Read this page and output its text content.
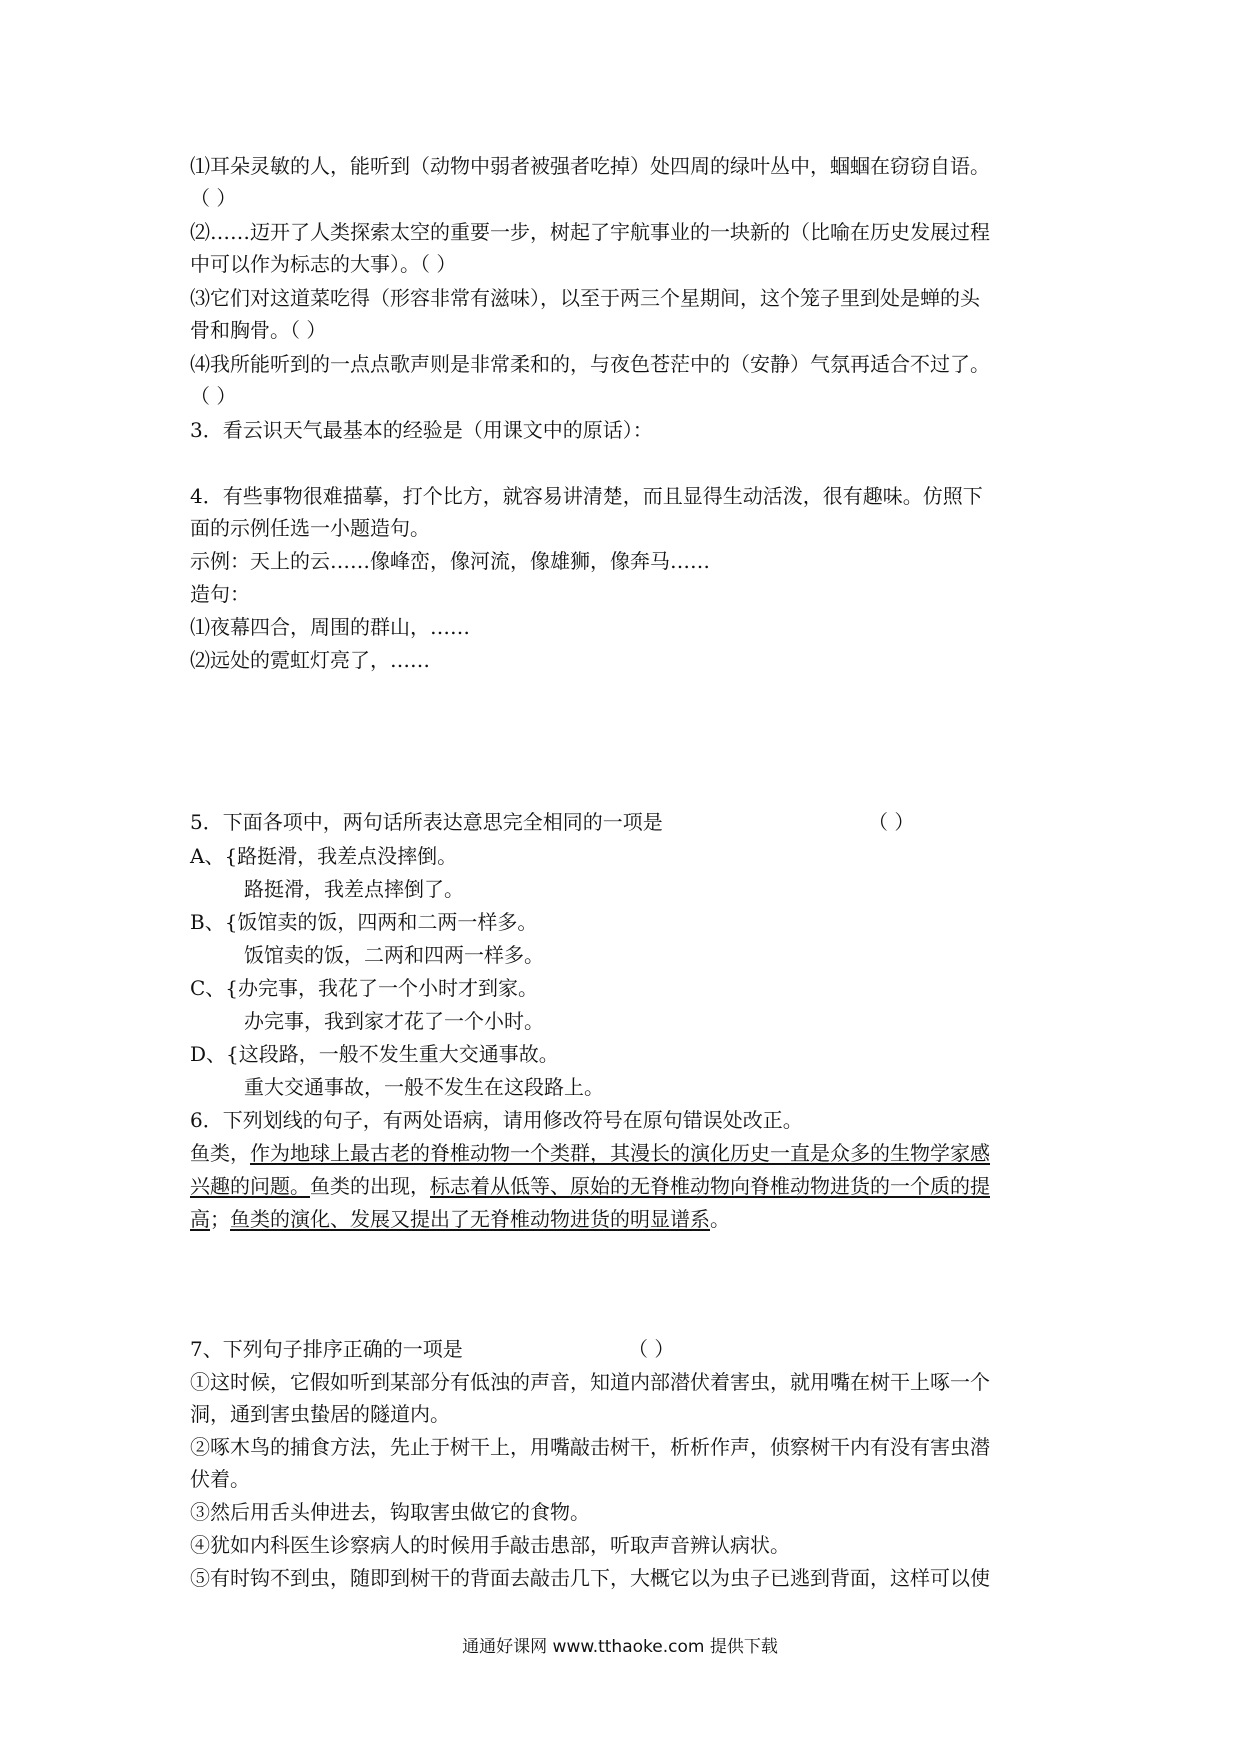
⑴耳朵灵敏的人，能听到（动物中弱者被强者吃掉）处四周的绿叶丛中，蝈蝈在窃窃自语。
（ ）
⑵……迈开了人类探索太空的重要一步，树起了宇航事业的一块新的（比喻在历史发展过程
中可以作为标志的大事）。（ ）
⑶它们对这道菜吃得（形容非常有滋味），以至于两三个星期间，这个笼子里到处是蝉的头
骨和胸骨。（ ）
⑷我所能听到的一点点歌声则是非常柔和的，与夜色苍茫中的（安静）气氛再适合不过了。
（ ）
3．看云识天气最基本的经验是（用课文中的原话）：
4．有些事物很难描摹，打个比方，就容易讲清楚，而且显得生动活泼，很有趣味。仿照下
面的示例任选一小题造句。
示例：天上的云……像峰峦，像河流，像雄狮，像奔马……
造句：
⑴夜幕四合，周围的群山，……
⑵远处的霓虹灯亮了，……
5．下面各项中，两句话所表达意思完全相同的一项是	（ ）
A、{路挺滑，我差点没摔倒。
路挺滑，我差点摔倒了。
B、{饭馆卖的饭，四两和二两一样多。
饭馆卖的饭，二两和四两一样多。
C、{办完事，我花了一个小时才到家。
办完事，我到家才花了一个小时。
D、{这段路，一般不发生重大交通事故。
重大交通事故，一般不发生在这段路上。
6．下列划线的句子，有两处语病，请用修改符号在原句错误处改正。
鱼类，作为地球上最古老的脊椎动物一个类群，其漫长的演化历史一直是众多的生物学家感
兴趣的问题。鱼类的出现，标志着从低等、原始的无脊椎动物向脊椎动物进货的一个质的提
高；鱼类的演化、发展又提出了无脊椎动物进货的明显谱系。
7、下列句子排序正确的一项是	（ ）
①这时候，它假如听到某部分有低浊的声音，知道内部潜伏着害虫，就用嘴在树干上啄一个
洞，通到害虫蛰居的隧道内。
②啄木鸟的捕食方法，先止于树干上，用嘴敲击树干，析析作声，侦察树干内有没有害虫潜
伏着。
③然后用舌头伸进去，钩取害虫做它的食物。
④犹如内科医生诊察病人的时候用手敲击患部，听取声音辨认病状。
⑤有时钩不到虫，随即到树干的背面去敲击几下，大概它以为虫子已逃到背面，这样可以使
通通好课网 www.tthaoke.com 提供下载
